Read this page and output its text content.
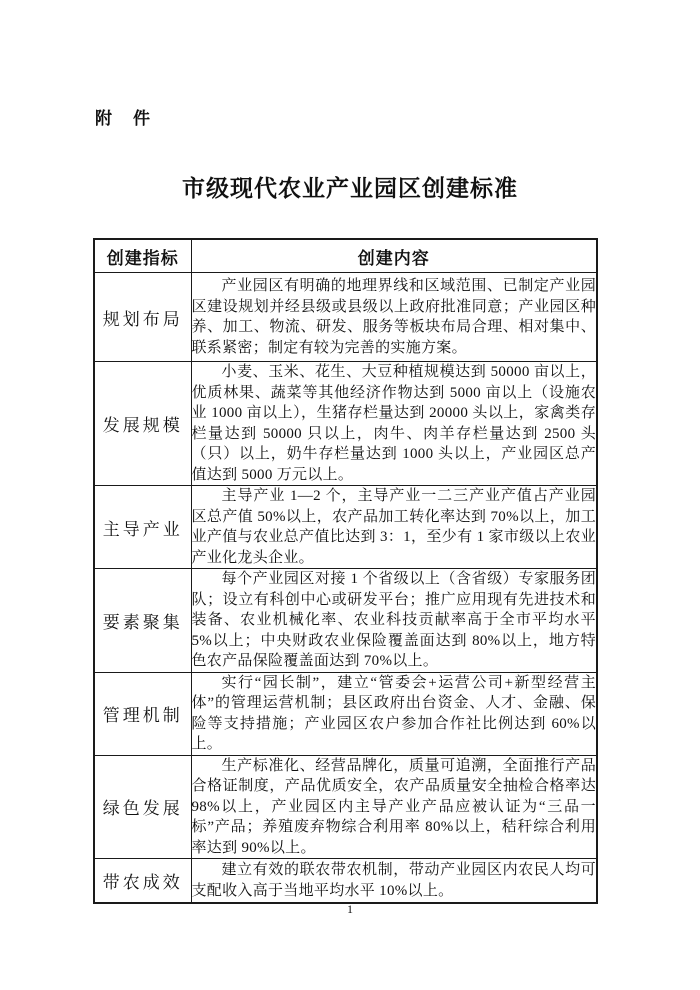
附　件
市级现代农业产业园区创建标准
创建指标	创建内容
规划布局	产业园区有明确的地理界线和区域范围、已制定产业园区建设规划并经县级或县级以上政府批准同意；产业园区种养、加工、物流、研发、服务等板块布局合理、相对集中、联系紧密；制定有较为完善的实施方案。

发展规模	小麦、玉米、花生、大豆种植规模达到 50000 亩以上，优质林果、蔬菜等其他经济作物达到 5000 亩以上（设施农业 1000 亩以上），生猪存栏量达到 20000 头以上，家禽类存栏量达到 50000 只以上，肉牛、肉羊存栏量达到 2500 头（只）以上，奶牛存栏量达到 1000 头以上，产业园区总产值达到 5000 万元以上。

主导产业	主导产业 1—2 个，主导产业一二三产业产值占产业园区总产值 50%以上，农产品加工转化率达到 70%以上，加工业产值与农业总产值比达到 3：1，至少有 1 家市级以上农业产业化龙头企业。

要素聚集	每个产业园区对接 1 个省级以上（含省级）专家服务团队；设立有科创中心或研发平台；推广应用现有先进技术和装备、农业机械化率、农业科技贡献率高于全市平均水平 5%以上；中央财政农业保险覆盖面达到 80%以上，地方特色农产品保险覆盖面达到 70%以上。

管理机制	实行“园长制”，建立“管委会+运营公司+新型经营主体”的管理运营机制；县区政府出台资金、人才、金融、保险等支持措施；产业园区农户参加合作社比例达到 60%以上。

绿色发展	生产标准化、经营品牌化，质量可追溯，全面推行产品合格证制度，产品优质安全，农产品质量安全抽检合格率达 98%以上，产业园区内主导产业产品应被认证为“三品一标”产品；养殖废弃物综合利用率 80%以上，秸秆综合利用率达到 90%以上。

带农成效	建立有效的联农带农机制，带动产业园区内农民人均可支配收入高于当地平均水平 10%以上。

1
